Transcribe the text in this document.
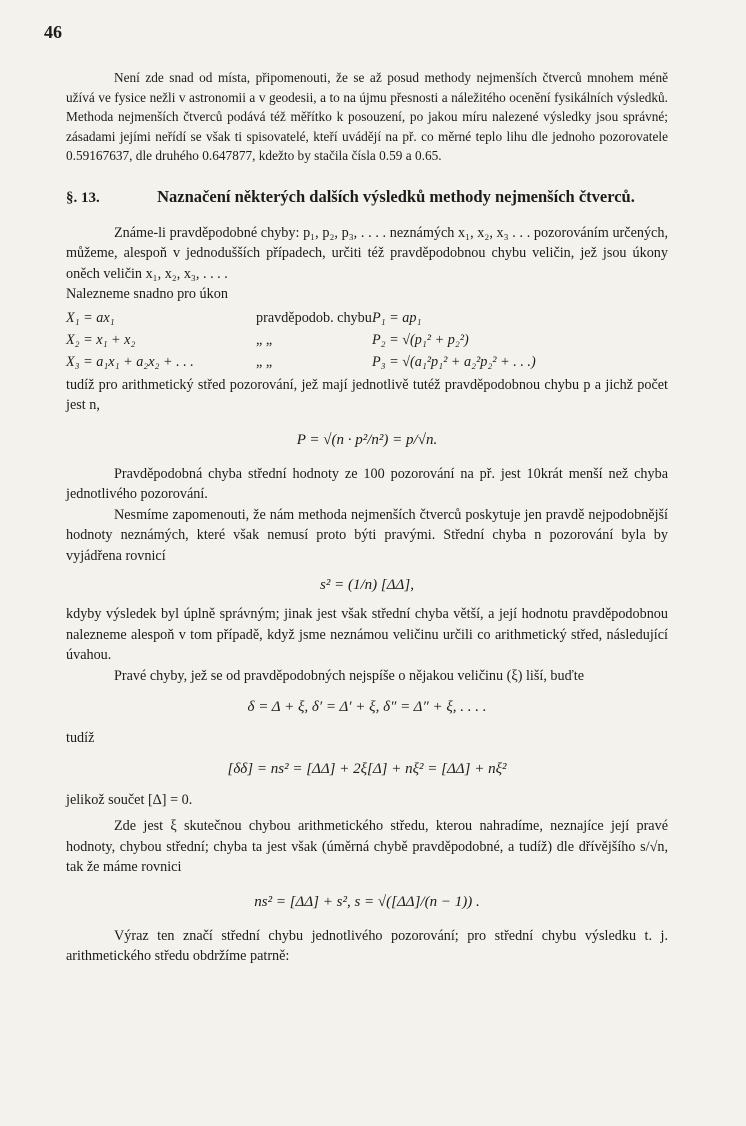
46

Není zde snad od místa, připomenouti, že se až posud methody nejmenších čtverců mnohem méně užívá ve fysice nežli v astronomii a v geodesii, a to na újmu přesnosti a náležitého ocenění fysikálních výsledků. Methoda nejmenších čtverců podává též měřítko k posouzení, po jakou míru nalezené výsledky jsou správné; zásadami jejími neřídí se však ti spisovatelé, kteří uvádějí na př. co měrné teplo lihu dle jednoho pozorovatele 0.59167637, dle druhého 0.647877, kdežto by stačila čísla 0.59 a 0.65.

§. 13.	Naznačení některých dalších výsledků methody nejmenších čtverců.

Známe-li pravděpodobné chyby: p₁, p₂, p₃, . . . . neznámých x₁, x₂, x₃ . . . pozorováním určených, můžeme, alespoň v jednodušších případech, určiti též pravděpodobnou chybu veličin, jež jsou úkony oněch veličin x₁, x₂, x₃, . . . .

Nalezneme snadno pro úkon

X₁ = ax₁	pravděpodob. chybu P₁ = ap₁
X₂ = x₁ + x₂	„ „	P₂ = √(p₁² + p₂²)
X₃ = a₁x₁ + a₂x₂ + . . .	„ „	P₃ = √(a₁²p₁² + a₂²p₂² + . . .)

tudíž pro arithmetický střed pozorování, jež mají jednotlivě tutéž pravděpodobnou chybu p a jichž počet jest n,

P = √(n · p²/n²) = p/√n.

Pravděpodobná chyba střední hodnoty ze 100 pozorování na př. jest 10krát menší než chyba jednotlivého pozorování.

Nesmíme zapomenouti, že nám methoda nejmenších čtverců poskytuje jen pravdě nejpodobnější hodnoty neznámých, které však nemusí proto býti pravými. Střední chyba n pozorování byla by vyjádřena rovnicí

s² = (1/n) [ΔΔ],

kdyby výsledek byl úplně správným; jinak jest však střední chyba větší, a její hodnotu pravděpodobnou nalezneme alespoň v tom případě, když jsme neznámou veličinu určili co arithmetický střed, následující úvahou.

Pravé chyby, jež se od pravděpodobných nejspíše o nějakou veličinu (ξ) liší, buďte

δ = Δ + ξ, δ′ = Δ′ + ξ, δ″ = Δ″ + ξ, . . . .

tudíž

[δδ] = ns² = [ΔΔ] + 2ξ[Δ] + nξ² = [ΔΔ] + nξ²

jelikož součet [Δ] = 0.

Zde jest ξ skutečnou chybou arithmetického středu, kterou nahradíme, neznajíce její pravé hodnoty, chybou střední; chyba ta jest však (úměrná chybě pravděpodobné, a tudíž) dle dřívějšího s/√n, tak že máme rovnici

ns² = [ΔΔ] + s², s = √([ΔΔ]/(n − 1)) .

Výraz ten značí střední chybu jednotlivého pozorování; pro střední chybu výsledku t. j. arithmetického středu obdržíme patrně:
